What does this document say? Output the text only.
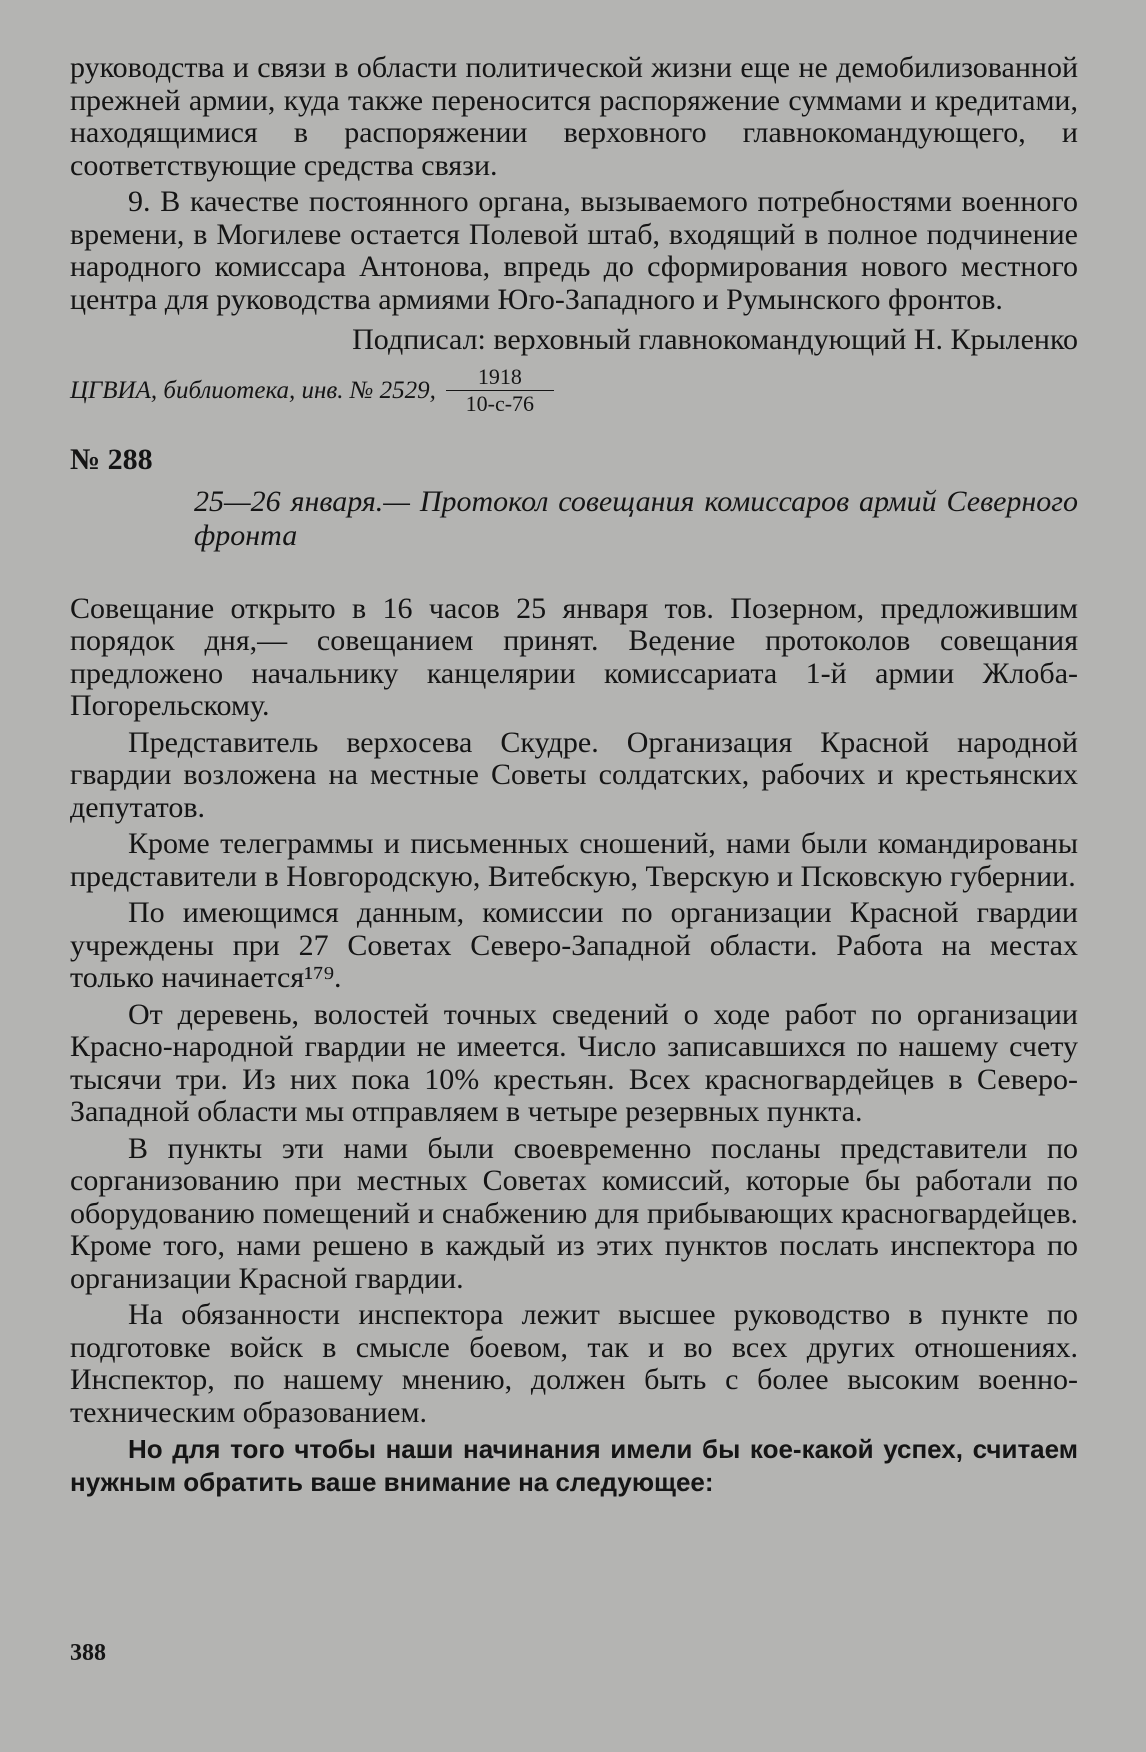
руководства и связи в области политической жизни еще не демобилизованной прежней армии, куда также переносится распоряжение суммами и кредитами, находящимися в распоряжении верховного главнокомандующего, и соответствующие средства связи.

9. В качестве постоянного органа, вызываемого потребностями военного времени, в Могилеве остается Полевой штаб, входящий в полное подчинение народного комиссара Антонова, впредь до сформирования нового местного центра для руководства армиями Юго-Западного и Румынского фронтов.

Подписал: верховный главнокомандующий Н. Крыленко

ЦГВИА, библиотека, инв. № 2529, $\frac{1918}{10-с-76}$
№ 288
25—26 января.— Протокол совещания комиссаров армий Северного фронта

Совещание открыто в 16 часов 25 января тов. Позерном, предложившим порядок дня,— совещанием принят. Ведение протоколов совещания предложено начальнику канцелярии комиссариата 1-й армии Жлоба-Погорельскому.

Представитель верхосева Скудре. Организация Красной народной гвардии возложена на местные Советы солдатских, рабочих и крестьянских депутатов.

Кроме телеграммы и письменных сношений, нами были командированы представители в Новгородскую, Витебскую, Тверскую и Псковскую губернии.

По имеющимся данным, комиссии по организации Красной гвардии учреждены при 27 Советах Северо-Западной области. Работа на местах только начинается¹⁷⁹.

От деревень, волостей точных сведений о ходе работ по организации Красно-народной гвардии не имеется. Число записавшихся по нашему счету тысячи три. Из них пока 10% крестьян. Всех красногвардейцев в Северо-Западной области мы отправляем в четыре резервных пункта.

В пункты эти нами были своевременно посланы представители по сорганизованию при местных Советах комиссий, которые бы работали по оборудованию помещений и снабжению для прибывающих красногвардейцев. Кроме того, нами решено в каждый из этих пунктов послать инспектора по организации Красной гвардии.

На обязанности инспектора лежит высшее руководство в пункте по подготовке войск в смысле боевом, так и во всех других отношениях. Инспектор, по нашему мнению, должен быть с более высоким военно-техническим образованием.

Но для того чтобы наши начинания имели бы кое-какой успех, считаем нужным обратить ваше внимание на следующее:

388
